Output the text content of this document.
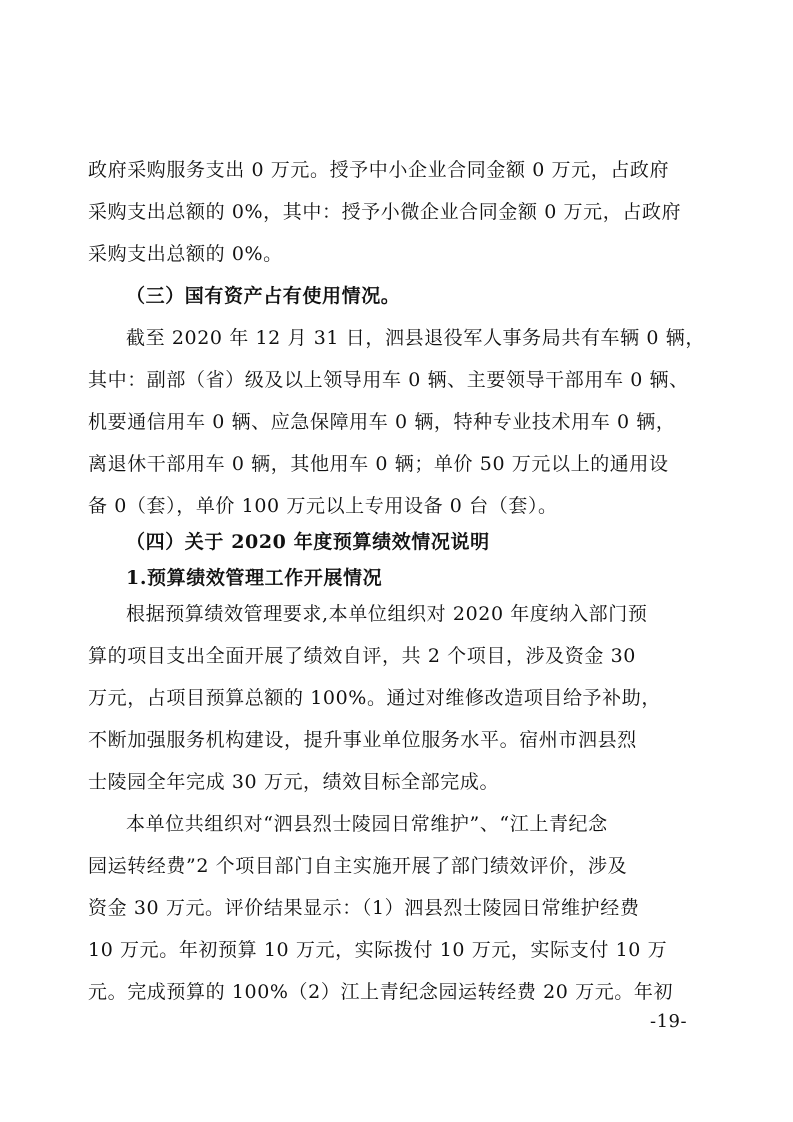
政府采购服务支出 0 万元。授予中小企业合同金额 0 万元，占政府
采购支出总额的 0%，其中：授予小微企业合同金额 0 万元，占政府
采购支出总额的 0%。
（三）国有资产占有使用情况。
截至 2020 年 12 月 31 日，泗县退役军人事务局共有车辆 0 辆，
其中：副部（省）级及以上领导用车 0 辆、主要领导干部用车 0 辆、
机要通信用车 0 辆、应急保障用车 0 辆，特种专业技术用车 0 辆，
离退休干部用车 0 辆，其他用车 0 辆；单价 50 万元以上的通用设
备 0（套），单价 100 万元以上专用设备 0 台（套）。
（四）关于 2020 年度预算绩效情况说明
1.预算绩效管理工作开展情况
根据预算绩效管理要求,本单位组织对 2020 年度纳入部门预
算的项目支出全面开展了绩效自评，共 2 个项目，涉及资金 30
万元，占项目预算总额的 100%。通过对维修改造项目给予补助，
不断加强服务机构建设，提升事业单位服务水平。宿州市泗县烈
士陵园全年完成 30 万元，绩效目标全部完成。
本单位共组织对“泗县烈士陵园日常维护”、“江上青纪念
园运转经费”2 个项目部门自主实施开展了部门绩效评价，涉及
资金 30 万元。评价结果显示：（1）泗县烈士陵园日常维护经费
10 万元。年初预算 10 万元，实际拨付 10 万元，实际支付 10 万
元。完成预算的 100%（2）江上青纪念园运转经费 20 万元。年初
-19-
